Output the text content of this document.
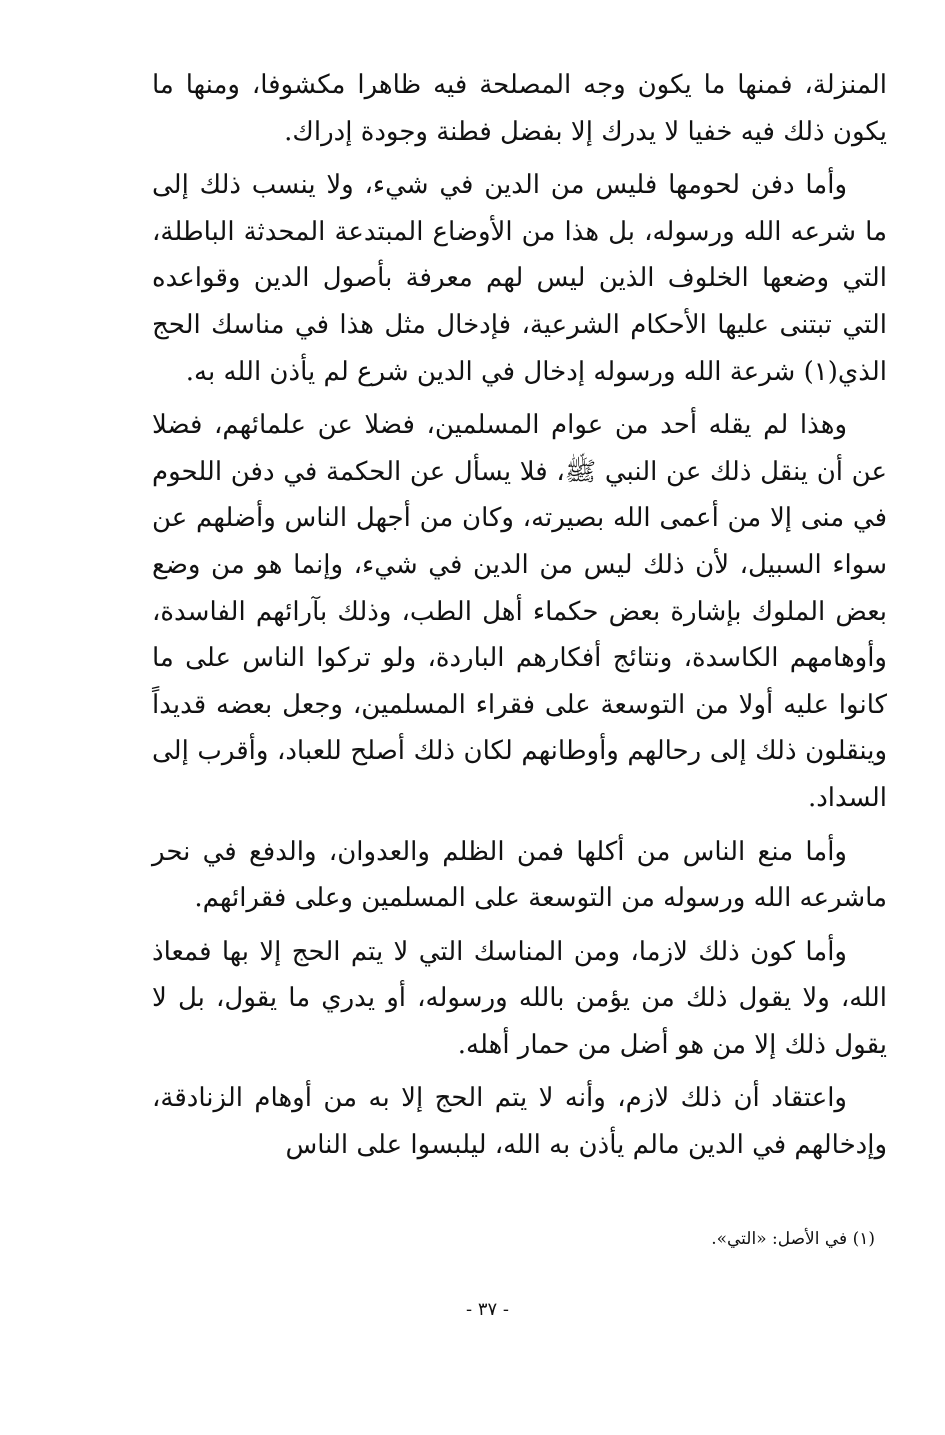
المنزلة، فمنها ما يكون وجه المصلحة فيه ظاهرا مكشوفا، ومنها ما يكون ذلك فيه خفيا لا يدرك إلا بفضل فطنة وجودة إدراك.

وأما دفن لحومها فليس من الدين في شيء، ولا ينسب ذلك إلى ما شرعه الله ورسوله، بل هذا من الأوضاع المبتدعة المحدثة الباطلة، التي وضعها الخلوف الذين ليس لهم معرفة بأصول الدين وقواعده التي تبتنى عليها الأحكام الشرعية، فإدخال مثل هذا في مناسك الحج الذي(١) شرعة الله ورسوله إدخال في الدين شرع لم يأذن الله به.

وهذا لم يقله أحد من عوام المسلمين، فضلا عن علمائهم، فضلا عن أن ينقل ذلك عن النبي ﷺ، فلا يسأل عن الحكمة في دفن اللحوم في منى إلا من أعمى الله بصيرته، وكان من أجهل الناس وأضلهم عن سواء السبيل، لأن ذلك ليس من الدين في شيء، وإنما هو من وضع بعض الملوك بإشارة بعض حكماء أهل الطب، وذلك بآرائهم الفاسدة، وأوهامهم الكاسدة، ونتائج أفكارهم الباردة، ولو تركوا الناس على ما كانوا عليه أولا من التوسعة على فقراء المسلمين، وجعل بعضه قديداً وينقلون ذلك إلى رحالهم وأوطانهم لكان ذلك أصلح للعباد، وأقرب إلى السداد.

وأما منع الناس من أكلها فمن الظلم والعدوان، والدفع في نحر ماشرعه الله ورسوله من التوسعة على المسلمين وعلى فقرائهم.

وأما كون ذلك لازما، ومن المناسك التي لا يتم الحج إلا بها فمعاذ الله، ولا يقول ذلك من يؤمن بالله ورسوله، أو يدري ما يقول، بل لا يقول ذلك إلا من هو أضل من حمار أهله.

واعتقاد أن ذلك لازم، وأنه لا يتم الحج إلا به من أوهام الزنادقة، وإدخالهم في الدين مالم يأذن به الله، ليلبسوا على الناس

(١) في الأصل: «التي».

- ٣٧ -
